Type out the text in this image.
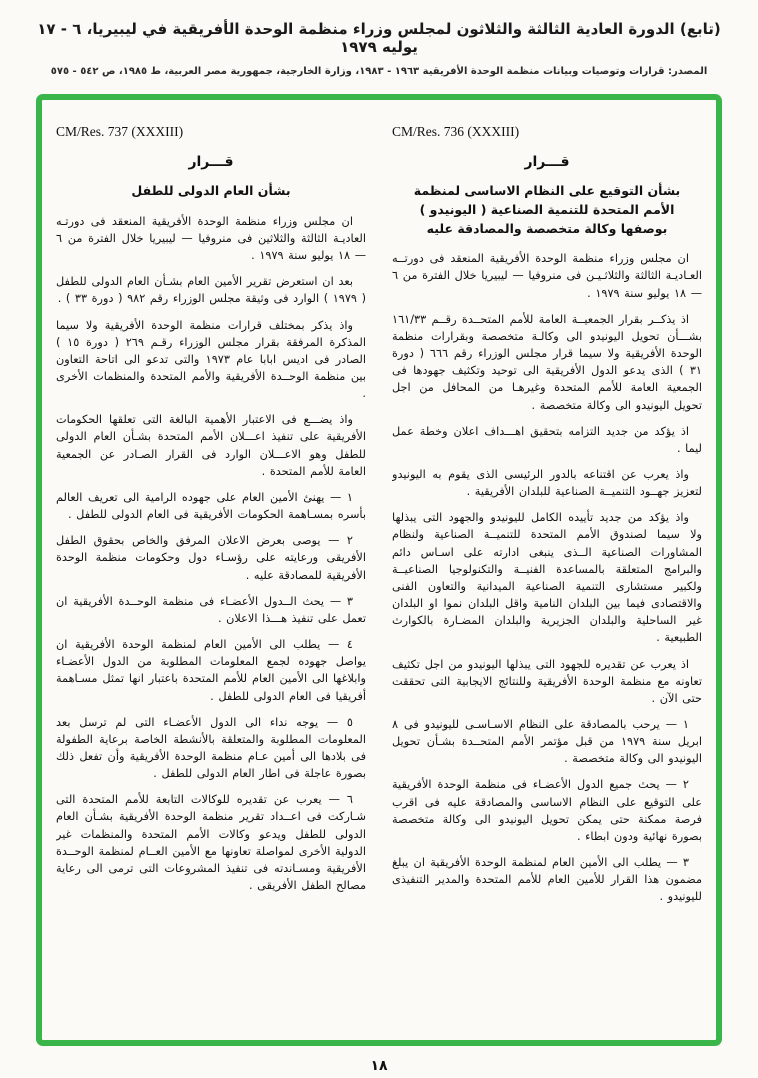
(تابع) الدورة العادية الثالثة والثلاثون لمجلس وزراء منظمة الوحدة الأفريقية في ليبيريا، ٦ - ١٧ يوليه ١٩٧٩
المصدر: قرارات وتوصيات وبيانات منظمة الوحدة الأفريقية ١٩٦٣ - ١٩٨٣، وزارة الخارجية، جمهورية مصر العربية، ط ١٩٨٥، ص ٥٤٢ - ٥٧٥
CM/Res. 736 (XXXIII)
قـــرار
بشأن التوقيع على النظام الاساسى لمنظمة الأمم المتحدة للتنمية الصناعية ( اليونيدو ) بوصفها وكالة متخصصة والمصادقة عليه

ان مجلس وزراء منظمة الوحدة الأفريقية المنعقد فى دورتــه العـاديـة الثالثة والثلاثـيـن فى منروفيا — ليبيريا خلال الفترة من ٦ — ١٨ يوليو سنة ١٩٧٩ .

اذ يذكــر بقرار الجمعيــة العامة للأمم المتحــدة رقــم ١٦١/٣٣ بشـــأن تحويل اليونيدو الى وكالـة متخصصة وبقرارات منظمة الوحدة الأفريقية ولا سيما قرار مجلس الوزراء رقم ٦٦٦ ( دورة ٣١ ) الذى يدعو الدول الأفريقية الى توحيد وتكثيف جهودها فى الجمعية العامة للأمم المتحدة وغيرهـا من المحافل من اجل تحويل اليونيدو الى وكالة متخصصة .

اذ يؤكد من جديد التزامه بتحقيق اهـــداف اعلان وخطة عمل ليما .

واذ يعرب عن اقتناعه بالدور الرئيسى الذى يقوم به اليونيدو لتعزيز جهــود التنميــة الصناعية للبلدان الأفريقية .

واذ يؤكد من جديد تأييده الكامل لليونيدو والجهود التى يبذلها ولا سيما لصندوق الأمم المتحدة للتنميــة الصناعية ولنظام المشاورات الصناعية الــذى ينبغى ادارته على اسـاس دائم والبرامج المتعلقة بالمساعدة الفنيــة والتكنولوجيا الصناعيــة ولكبير مستشارى التنمية الصناعية الميدانية والتعاون الفنى والاقتصادى فيما بين البلدان النامية واقل البلدان نموا او البلدان غير الساحلية والبلدان الجزيرية والبلدان المضـارة بالكوارث الطبيعية .

اذ يعرب عن تقديره للجهود التى يبذلها اليونيدو من اجل تكثيف تعاونه مع منظمة الوحدة الأفريقية وللنتائج الايجابية التى تحققت حتى الآن .

١ — يرحب بالمصادقة على النظام الاسـاسـى لليونيدو فى ٨ ابريل سنة ١٩٧٩ من قبل مؤتمر الأمم المتحــدة بشـأن تحويل اليونيدو الى وكالة متخصصة .

٢ — يحث جميع الدول الأعضـاء فى منظمة الوحدة الأفريقية على التوقيع على النظام الاساسى والمصادقة عليه فى اقرب فرصة ممكنة حتى يمكن تحويل اليونيدو الى وكالة متخصصة بصورة نهائية ودون ابطاء .

٣ — يطلب الى الأمين العام لمنظمة الوحدة الأفريقية ان يبلغ مضمون هذا القرار للأمين العام للأمم المتحدة والمدير التنفيذى لليونيدو .

CM/Res. 737 (XXXIII)
قـــرار
بشأن العام الدولى للطفل

ان مجلس وزراء منظمة الوحدة الأفريقية المنعقد فى دورتـه العاديـة الثالثة والثلاثين فى منروفيا — ليبيريا خلال الفترة من ٦ — ١٨ يوليو سنة ١٩٧٩ .

بعد ان استعرض تقرير الأمين العام بشـأن العام الدولى للطفل ( ١٩٧٩ ) الوارد فى وثيقة مجلس الوزراء رقم ٩٨٢ ( دورة ٣٣ ) .

واذ يذكر بمختلف قرارات منظمة الوحدة الأفريقية ولا سيما المذكرة المرفقة بقرار مجلس الوزراء رقـم ٢٦٩ ( دورة ١٥ ) الصادر فى اديس ابابا عام ١٩٧٣ والتى تدعو الى اتاحة التعاون بين منظمة الوحــدة الأفريقية والأمم المتحدة والمنظمات الأخرى .

واذ يضـــع فى الاعتبار الأهمية البالغة التى تعلقها الحكومات الأفريقية على تنفيذ اعـــلان الأمم المتحدة بشـأن العام الدولى للطفل وهو الاعـــلان الوارد فى القرار الصـادر عن الجمعية العامة للأمم المتحدة .

١ — يهنئ الأمين العام على جهوده الرامية الى تعريف العالم بأسره بمسـاهمة الحكومات الأفريقية فى العام الدولى للطفل .

٢ — يوصى بعرض الاعلان المرفق والخاص بحقوق الطفل الأفريقى ورعايته على رؤسـاء دول وحكومات منظمة الوحدة الأفريقية للمصادقة عليه .

٣ — يحث الــدول الأعضـاء فى منظمة الوحــدة الأفريقية ان تعمل على تنفيذ هـــذا الاعلان .

٤ — يطلب الى الأمين العام لمنظمة الوحدة الأفريقية ان يواصل جهوده لجمع المعلومات المطلوبة من الدول الأعضـاء وابلاغها الى الأمين العام للأمم المتحدة باعتبار انها تمثل مسـاهمة أفريقيا فى العام الدولى للطفل .

٥ — يوجه نداء الى الدول الأعضـاء التى لم ترسل بعد المعلومات المطلوبة والمتعلقة بالأنشطة الخاصة برعاية الطفولة فى بلادها الى أمين عـام منظمة الوحدة الأفريقية وأن تفعل ذلك بصورة عاجلة فى اطار العام الدولى للطفل .

٦ — يعرب عن تقديره للوكالات التابعة للأمم المتحدة التى شـاركت فى اعــداد تقرير منظمة الوحدة الأفريقية بشـأن العام الدولى للطفل ويدعو وكالات الأمم المتحدة والمنظمات غير الدولية الأخرى لمواصلة تعاونها مع الأمين العــام لمنظمة الوحــدة الأفريقية ومسـاندته فى تنفيذ المشروعات التى ترمى الى رعاية مصالح الطفل الأفريقى .

١٨
